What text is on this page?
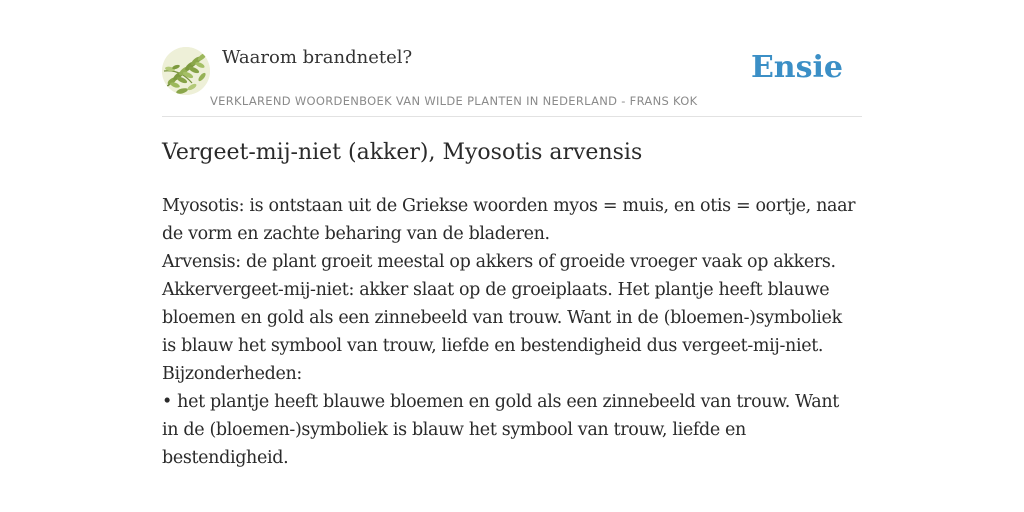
Waarom brandnetel?
VERKLAREND WOORDENBOEK VAN WILDE PLANTEN IN NEDERLAND - FRANS KOK
Ensie
Vergeet-mij-niet (akker), Myosotis arvensis
Myosotis: is ontstaan uit de Griekse woorden myos = muis, en otis = oortje, naar
de vorm en zachte beharing van de bladeren.
Arvensis: de plant groeit meestal op akkers of groeide vroeger vaak op akkers.
Akkervergeet-mij-niet: akker slaat op de groeiplaats. Het plantje heeft blauwe
bloemen en gold als een zinnebeeld van trouw. Want in de (bloemen-)symboliek
is blauw het symbool van trouw, liefde en bestendigheid dus vergeet-mij-niet.
Bijzonderheden:
• het plantje heeft blauwe bloemen en gold als een zinnebeeld van trouw. Want
in de (bloemen-)symboliek is blauw het symbool van trouw, liefde en
bestendigheid.
